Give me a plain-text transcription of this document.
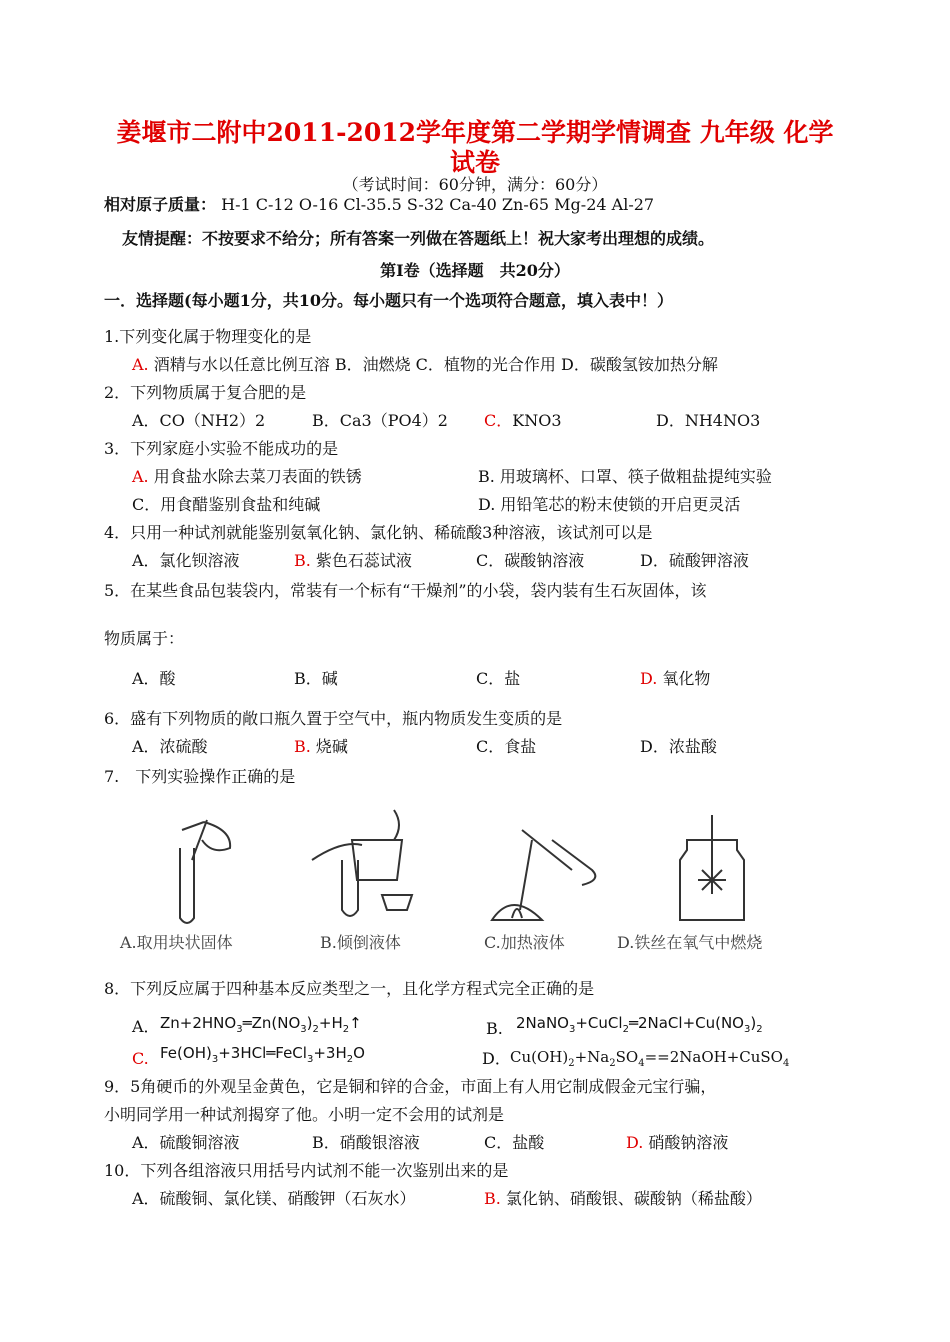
姜堰市二附中2011-2012学年度第二学期学情调查 九年级 化学
试卷
（考试时间：60分钟，满分：60分）
相对原子质量： H-1 C-12 O-16 Cl-35.5 S-32 Ca-40 Zn-65 Mg-24 Al-27
友情提醒：不按要求不给分；所有答案一列做在答题纸上！祝大家考出理想的成绩。
第Ⅰ卷（选择题　共20分）
一．选择题(每小题1分，共10分。每小题只有一个选项符合题意，填入表中！）
1.下列变化属于物理变化的是
A. 酒精与水以任意比例互溶 B．油燃烧 C．植物的光合作用 D．碳酸氢铵加热分解
2．下列物质属于复合肥的是
A．CO（NH2）2	B．Ca3（PO4）2 C．KNO3	D．NH4NO3
3．下列家庭小实验不能成功的是
A. 用食盐水除去菜刀表面的铁锈	B. 用玻璃杯、口罩、筷子做粗盐提纯实验
C．用食醋鉴别食盐和纯碱	D. 用铅笔芯的粉末使锁的开启更灵活
4．只用一种试剂就能鉴别氨氧化钠、氯化钠、稀硫酸3种溶液，该试剂可以是
A．氯化钡溶液	B. 紫色石蕊试液	C．碳酸钠溶液	D．硫酸钾溶液
5．在某些食品包装袋内，常装有一个标有“干燥剂”的小袋，袋内装有生石灰固体，该
物质属于：
A．酸	B．碱	C．盐	D. 氧化物
6．盛有下列物质的敞口瓶久置于空气中，瓶内物质发生变质的是
A．浓硫酸	B. 烧碱	C．食盐	D．浓盐酸
7.　下列实验操作正确的是
A.取用块状固体	B.倾倒液体	C.加热液体	D.铁丝在氧气中燃烧
8．下列反应属于四种基本反应类型之一，且化学方程式完全正确的是
A． $Zn+2HNO_3═Zn(NO_3)_2+H_2↑$	B. $2NaNO_3+CuCl_2═2NaCl+Cu(NO_3)_2$
C. $Fe(OH)_3+3HCl═FeCl_3+3H_2O$	D． $Cu(OH)_2+Na_2SO_4==2NaOH+CuSO_4$
9．5角硬币的外观呈金黄色，它是铜和锌的合金，市面上有人用它制成假金元宝行骗，
小明同学用一种试剂揭穿了他。小明一定不会用的试剂是
A．硫酸铜溶液	B．硝酸银溶液	C．盐酸	D. 硝酸钠溶液
10．下列各组溶液只用括号内试剂不能一次鉴别出来的是
A．硫酸铜、氯化镁、硝酸钾（石灰水）	B. 氯化钠、硝酸银、碳酸钠（稀盐酸）
